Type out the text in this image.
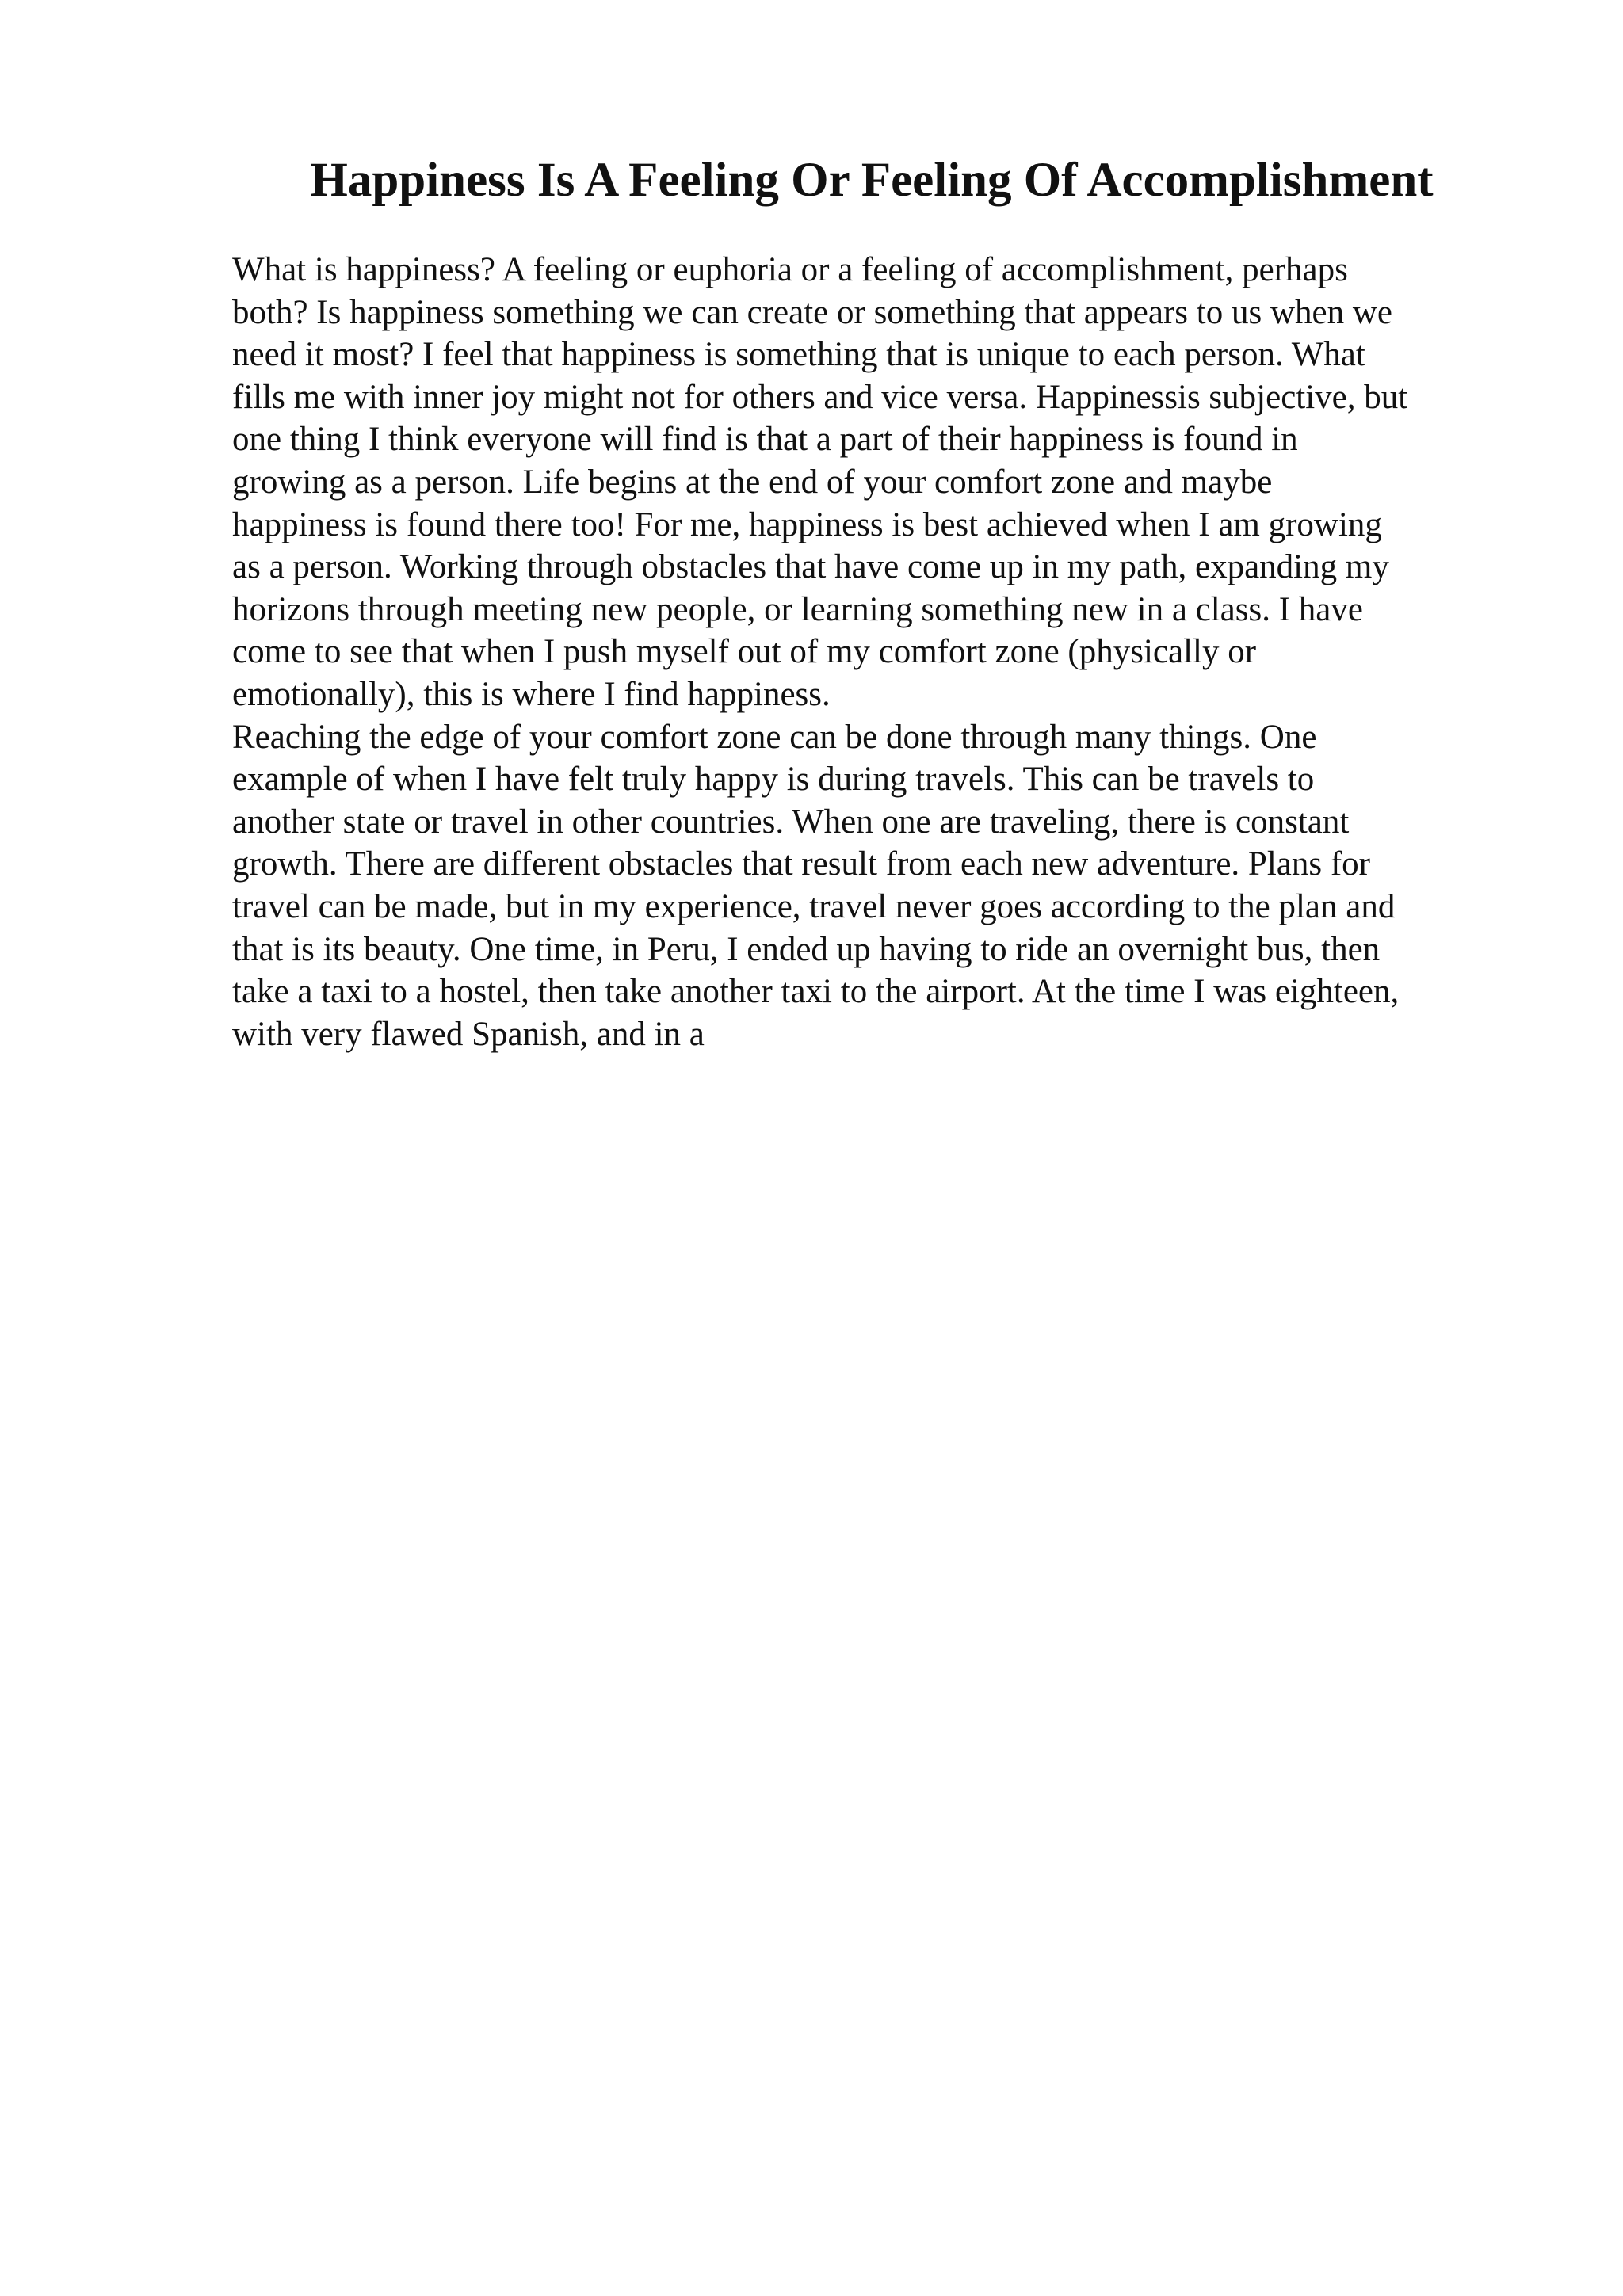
Happiness Is A Feeling Or Feeling Of Accomplishment
What is happiness? A feeling or euphoria or a feeling of accomplishment, perhaps
both? Is happiness something we can create or something that appears to us when we
need it most? I feel that happiness is something that is unique to each person. What
fills me with inner joy might not for others and vice versa. Happinessis subjective, but
one thing I think everyone will find is that a part of their happiness is found in
growing as a person. Life begins at the end of your comfort zone and maybe
happiness is found there too! For me, happiness is best achieved when I am growing
as a person. Working through obstacles that have come up in my path, expanding my
horizons through meeting new people, or learning something new in a class. I have
come to see that when I push myself out of my comfort zone (physically or
emotionally), this is where I find happiness.
Reaching the edge of your comfort zone can be done through many things. One
example of when I have felt truly happy is during travels. This can be travels to
another state or travel in other countries. When one are traveling, there is constant
growth. There are different obstacles that result from each new adventure. Plans for
travel can be made, but in my experience, travel never goes according to the plan and
that is its beauty. One time, in Peru, I ended up having to ride an overnight bus, then
take a taxi to a hostel, then take another taxi to the airport. At the time I was eighteen,
with very flawed Spanish, and in a
